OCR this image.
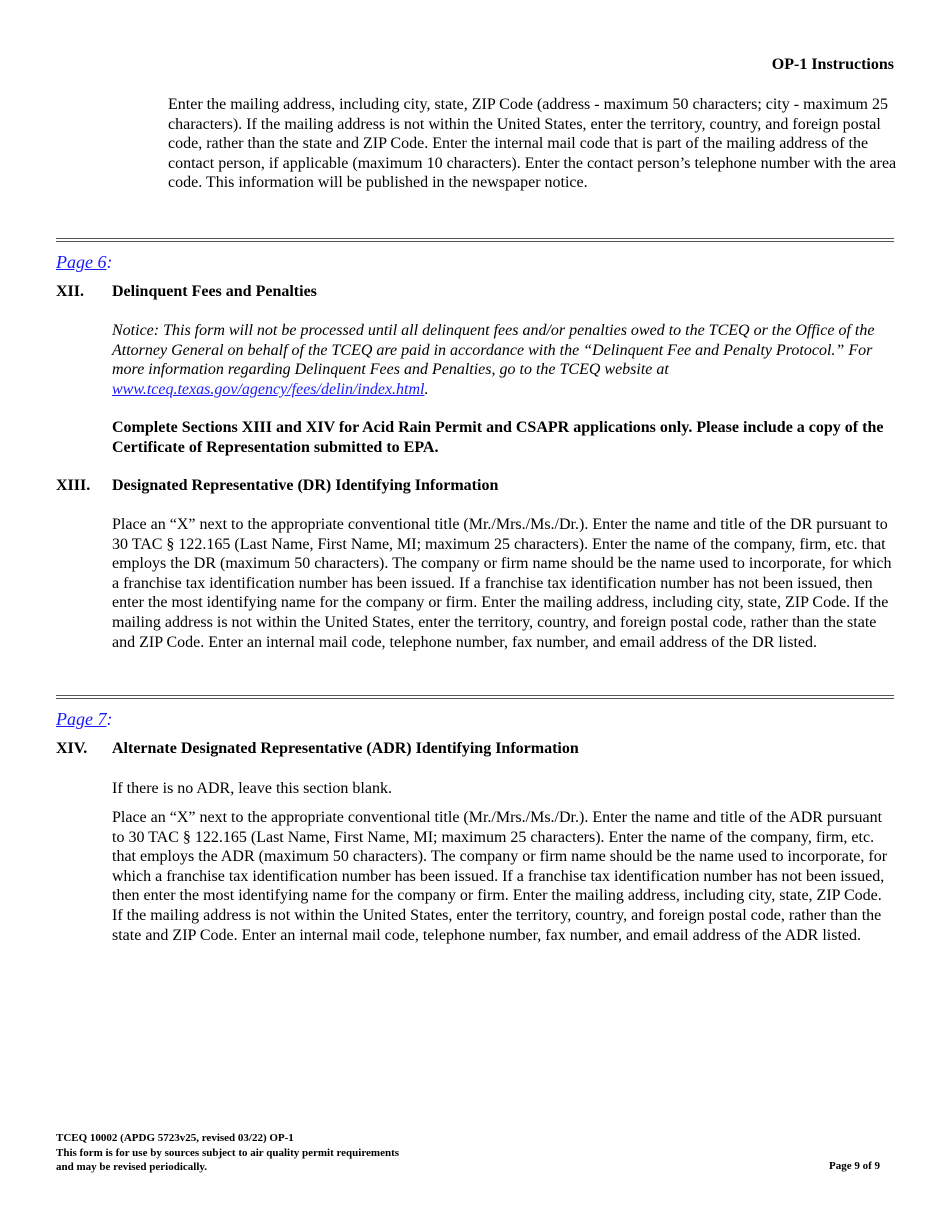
OP-1 Instructions

Enter the mailing address, including city, state, ZIP Code (address - maximum 50 characters; city - maximum 25 characters). If the mailing address is not within the United States, enter the territory, country, and foreign postal code, rather than the state and ZIP Code. Enter the internal mail code that is part of the mailing address of the contact person, if applicable (maximum 10 characters). Enter the contact person’s telephone number with the area code. This information will be published in the newspaper notice.

Page 6:
XII. Delinquent Fees and Penalties

Notice: This form will not be processed until all delinquent fees and/or penalties owed to the TCEQ or the Office of the Attorney General on behalf of the TCEQ are paid in accordance with the “Delinquent Fee and Penalty Protocol.” For more information regarding Delinquent Fees and Penalties, go to the TCEQ website at www.tceq.texas.gov/agency/fees/delin/index.html.

Complete Sections XIII and XIV for Acid Rain Permit and CSAPR applications only. Please include a copy of the Certificate of Representation submitted to EPA.

XIII. Designated Representative (DR) Identifying Information

Place an “X” next to the appropriate conventional title (Mr./Mrs./Ms./Dr.). Enter the name and title of the DR pursuant to 30 TAC § 122.165 (Last Name, First Name, MI; maximum 25 characters). Enter the name of the company, firm, etc. that employs the DR (maximum 50 characters). The company or firm name should be the name used to incorporate, for which a franchise tax identification number has been issued. If a franchise tax identification number has not been issued, then enter the most identifying name for the company or firm. Enter the mailing address, including city, state, ZIP Code. If the mailing address is not within the United States, enter the territory, country, and foreign postal code, rather than the state and ZIP Code. Enter an internal mail code, telephone number, fax number, and email address of the DR listed.

Page 7:
XIV. Alternate Designated Representative (ADR) Identifying Information

If there is no ADR, leave this section blank.

Place an “X” next to the appropriate conventional title (Mr./Mrs./Ms./Dr.). Enter the name and title of the ADR pursuant to 30 TAC § 122.165 (Last Name, First Name, MI; maximum 25 characters). Enter the name of the company, firm, etc. that employs the ADR (maximum 50 characters). The company or firm name should be the name used to incorporate, for which a franchise tax identification number has been issued. If a franchise tax identification number has not been issued, then enter the most identifying name for the company or firm. Enter the mailing address, including city, state, ZIP Code. If the mailing address is not within the United States, enter the territory, country, and foreign postal code, rather than the state and ZIP Code. Enter an internal mail code, telephone number, fax number, and email address of the ADR listed.

TCEQ 10002 (APDG 5723v25, revised 03/22) OP-1
This form is for use by sources subject to air quality permit requirements
and may be revised periodically.	Page 9 of 9
